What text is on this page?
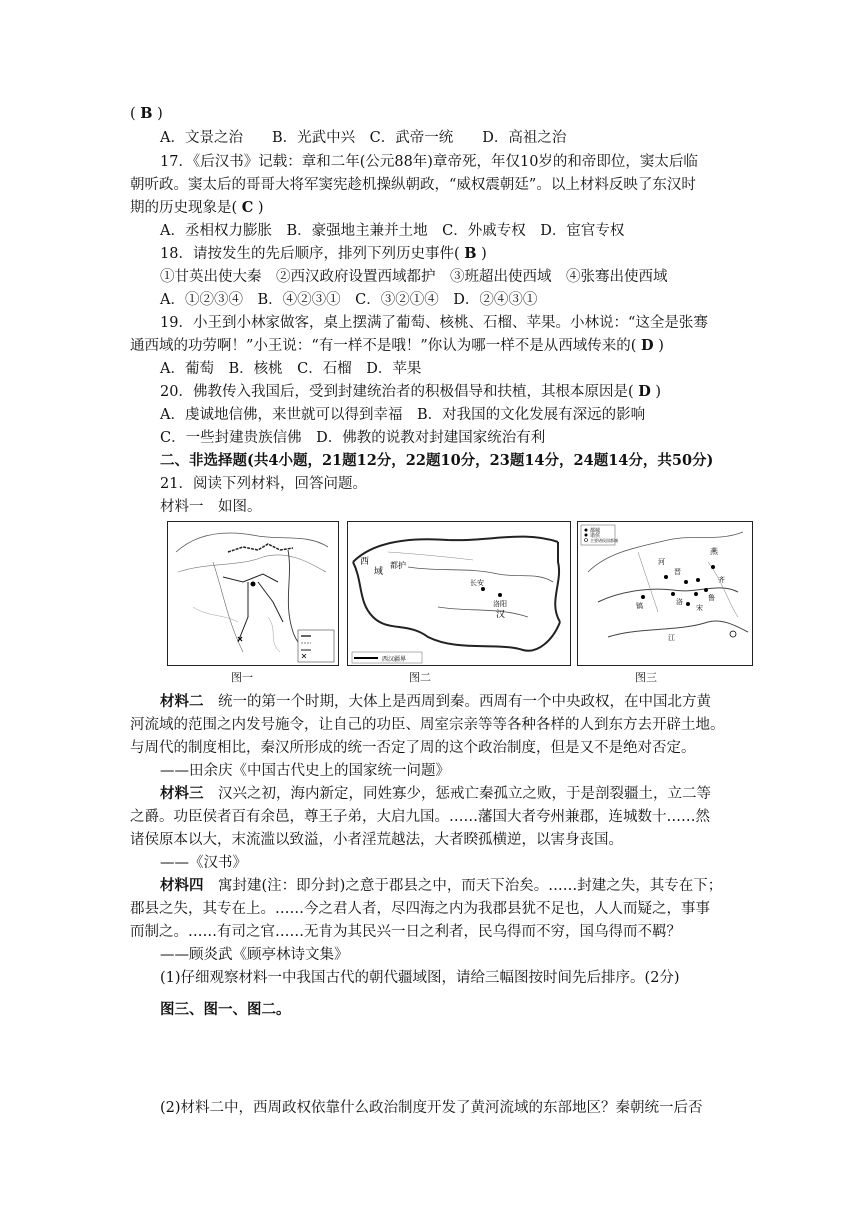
( B )
A．文景之治　　B．光武中兴　C．武帝一统　　D．高祖之治
17．《后汉书》记载：章和二年(公元88年)章帝死，年仅10岁的和帝即位，窦太后临
朝听政。窦太后的哥哥大将军窦宪趁机操纵朝政，“威权震朝廷”。以上材料反映了东汉时
期的历史现象是( C )
A．丞相权力膨胀　B．豪强地主兼并土地　C．外戚专权　D．宦官专权
18．请按发生的先后顺序，排列下列历史事件( B )
①甘英出使大秦　②西汉政府设置西域都护　③班超出使西域　④张骞出使西域
A．①②③④　B．④②③①　C．③②①④　D．②④③①
19．小王到小林家做客，桌上摆满了葡萄、核桃、石榴、苹果。小林说：“这全是张骞
通西域的功劳啊！”小王说：“有一样不是哦！”你认为哪一样不是从西域传来的( D )
A．葡萄　B．核桃　C．石榴　D．苹果
20．佛教传入我国后，受到封建统治者的积极倡导和扶植，其根本原因是( D )
A．虔诚地信佛，来世就可以得到幸福　B．对我国的文化发展有深远的影响
C．一些封建贵族信佛　D．佛教的说教对封建国家统治有利
二、非选择题(共4小题，21题12分，22题10分，23题14分，24题14分，共50分)
21．阅读下列材料，回答问题。
材料一　 如图。
图一
西
域
都护
长安
洛阳
汉
西汉疆界
图二
都城
诸侯
主要诸侯国都城
燕
晋
齐
鲁
宋
镐	洛
河
江
图三
材料二　 统一的第一个时期，大体上是西周到秦。西周有一个中央政权，在中国北方黄
河流域的范围之内发号施令，让自己的功臣、周室宗亲等等各种各样的人到东方去开辟土地。
与周代的制度相比，秦汉所形成的统一否定了周的这个政治制度，但是又不是绝对否定。
——田余庆《中国古代史上的国家统一问题》
材料三　 汉兴之初，海内新定，同姓寡少，惩戒亡秦孤立之败，于是剖裂疆土，立二等
之爵。功臣侯者百有余邑，尊王子弟，大启九国。……藩国大者夸州兼郡，连城数十……然
诸侯原本以大，末流滥以致溢，小者淫荒越法，大者睽孤横逆，以害身丧国。
——《汉书》
材料四　 寓封建(注：即分封)之意于郡县之中，而天下治矣。……封建之失，其专在下；
郡县之失，其专在上。……今之君人者，尽四海之内为我郡县犹不足也，人人而疑之，事事
而制之。……有司之官……无肯为其民兴一日之利者，民乌得而不穷，国乌得而不羁？
——顾炎武《顾亭林诗文集》
(1)仔细观察材料一中我国古代的朝代疆域图，请给三幅图按时间先后排序。(2分)
图三、图一、图二。
(2)材料二中，西周政权依靠什么政治制度开发了黄河流域的东部地区？秦朝统一后否
